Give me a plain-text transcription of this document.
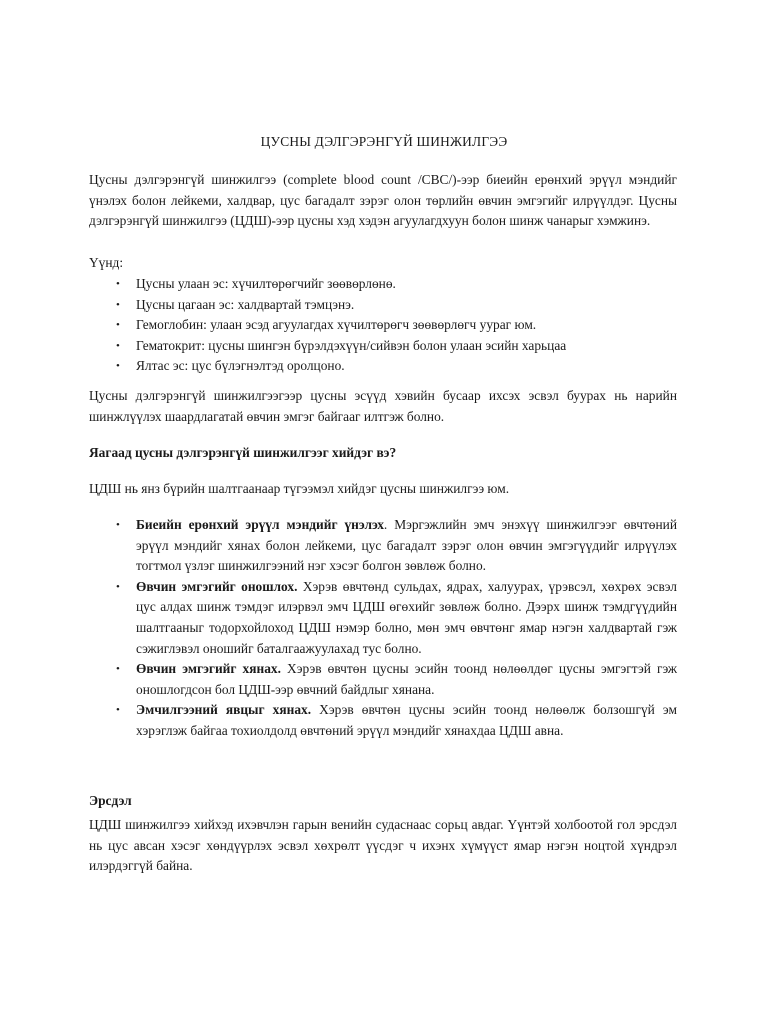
ЦУСНЫ ДЭЛГЭРЭНГҮЙ ШИНЖИЛГЭЭ
Цусны дэлгэрэнгүй шинжилгээ (complete blood count /CBC/)-ээр биеийн ерөнхий эрүүл мэндийг үнэлэх болон лейкеми, халдвар, цус багадалт зэрэг олон төрлийн өвчин эмгэгийг илрүүлдэг. Цусны дэлгэрэнгүй шинжилгээ (ЦДШ)-ээр цусны хэд хэдэн агуулагдхуун болон шинж чанарыг хэмжинэ.
Үүнд:
• Цусны улаан эс: хүчилтөрөгчийг зөөвөрлөнө.
• Цусны цагаан эс: халдвартай тэмцэнэ.
• Гемоглобин: улаан эсэд агуулагдах хүчилтөрөгч зөөвөрлөгч уураг юм.
• Гематокрит: цусны шингэн бүрэлдэхүүн/сийвэн болон улаан эсийн харьцаа
• Ялтас эс: цус бүлэгнэлтэд оролцоно.
Цусны дэлгэрэнгүй шинжилгээгээр цусны эсүүд хэвийн бусаар ихсэх эсвэл буурах нь нарийн шинжлүүлэх шаардлагатай өвчин эмгэг байгааг илтгэж болно.
Яагаад цусны дэлгэрэнгүй шинжилгээг хийдэг вэ?
ЦДШ нь янз бүрийн шалтгаанаар түгээмэл хийдэг цусны шинжилгээ юм.
• Биеийн ерөнхий эрүүл мэндийг үнэлэх. Мэргэжлийн эмч энэхүү шинжилгээг өвчтөний эрүүл мэндийг хянах болон лейкеми, цус багадалт зэрэг олон өвчин эмгэгүүдийг илрүүлэх тогтмол үзлэг шинжилгээний нэг хэсэг болгон зөвлөж болно.
• Өвчин эмгэгийг оношлох. Хэрэв өвчтөнд сульдах, ядрах, халуурах, үрэвсэл, хөхрөх эсвэл цус алдах шинж тэмдэг илэрвэл эмч ЦДШ өгөхийг зөвлөж болно. Дээрх шинж тэмдгүүдийн шалтгааныг тодорхойлоход ЦДШ нэмэр болно, мөн эмч өвчтөнг ямар нэгэн халдвартай гэж сэжиглэвэл оношийг баталгаажуулахад тус болно.
• Өвчин эмгэгийг хянах. Хэрэв өвчтөн цусны эсийн тоонд нөлөөлдөг цусны эмгэгтэй гэж оношлогдсон бол ЦДШ-ээр өвчний байдлыг хянана.
• Эмчилгээний явцыг хянах. Хэрэв өвчтөн цусны эсийн тоонд нөлөөлж болзошгүй эм хэрэглэж байгаа тохиолдолд өвчтөний эрүүл мэндийг хянахдаа ЦДШ авна.
Эрсдэл
ЦДШ шинжилгээ хийхэд ихэвчлэн гарын венийн судаснаас сорьц авдаг. Үүнтэй холбоотой гол эрсдэл нь цус авсан хэсэг хөндүүрлэх эсвэл хөхрөлт үүсдэг ч ихэнх хүмүүст ямар нэгэн ноцтой хүндрэл илэрдэггүй байна.
